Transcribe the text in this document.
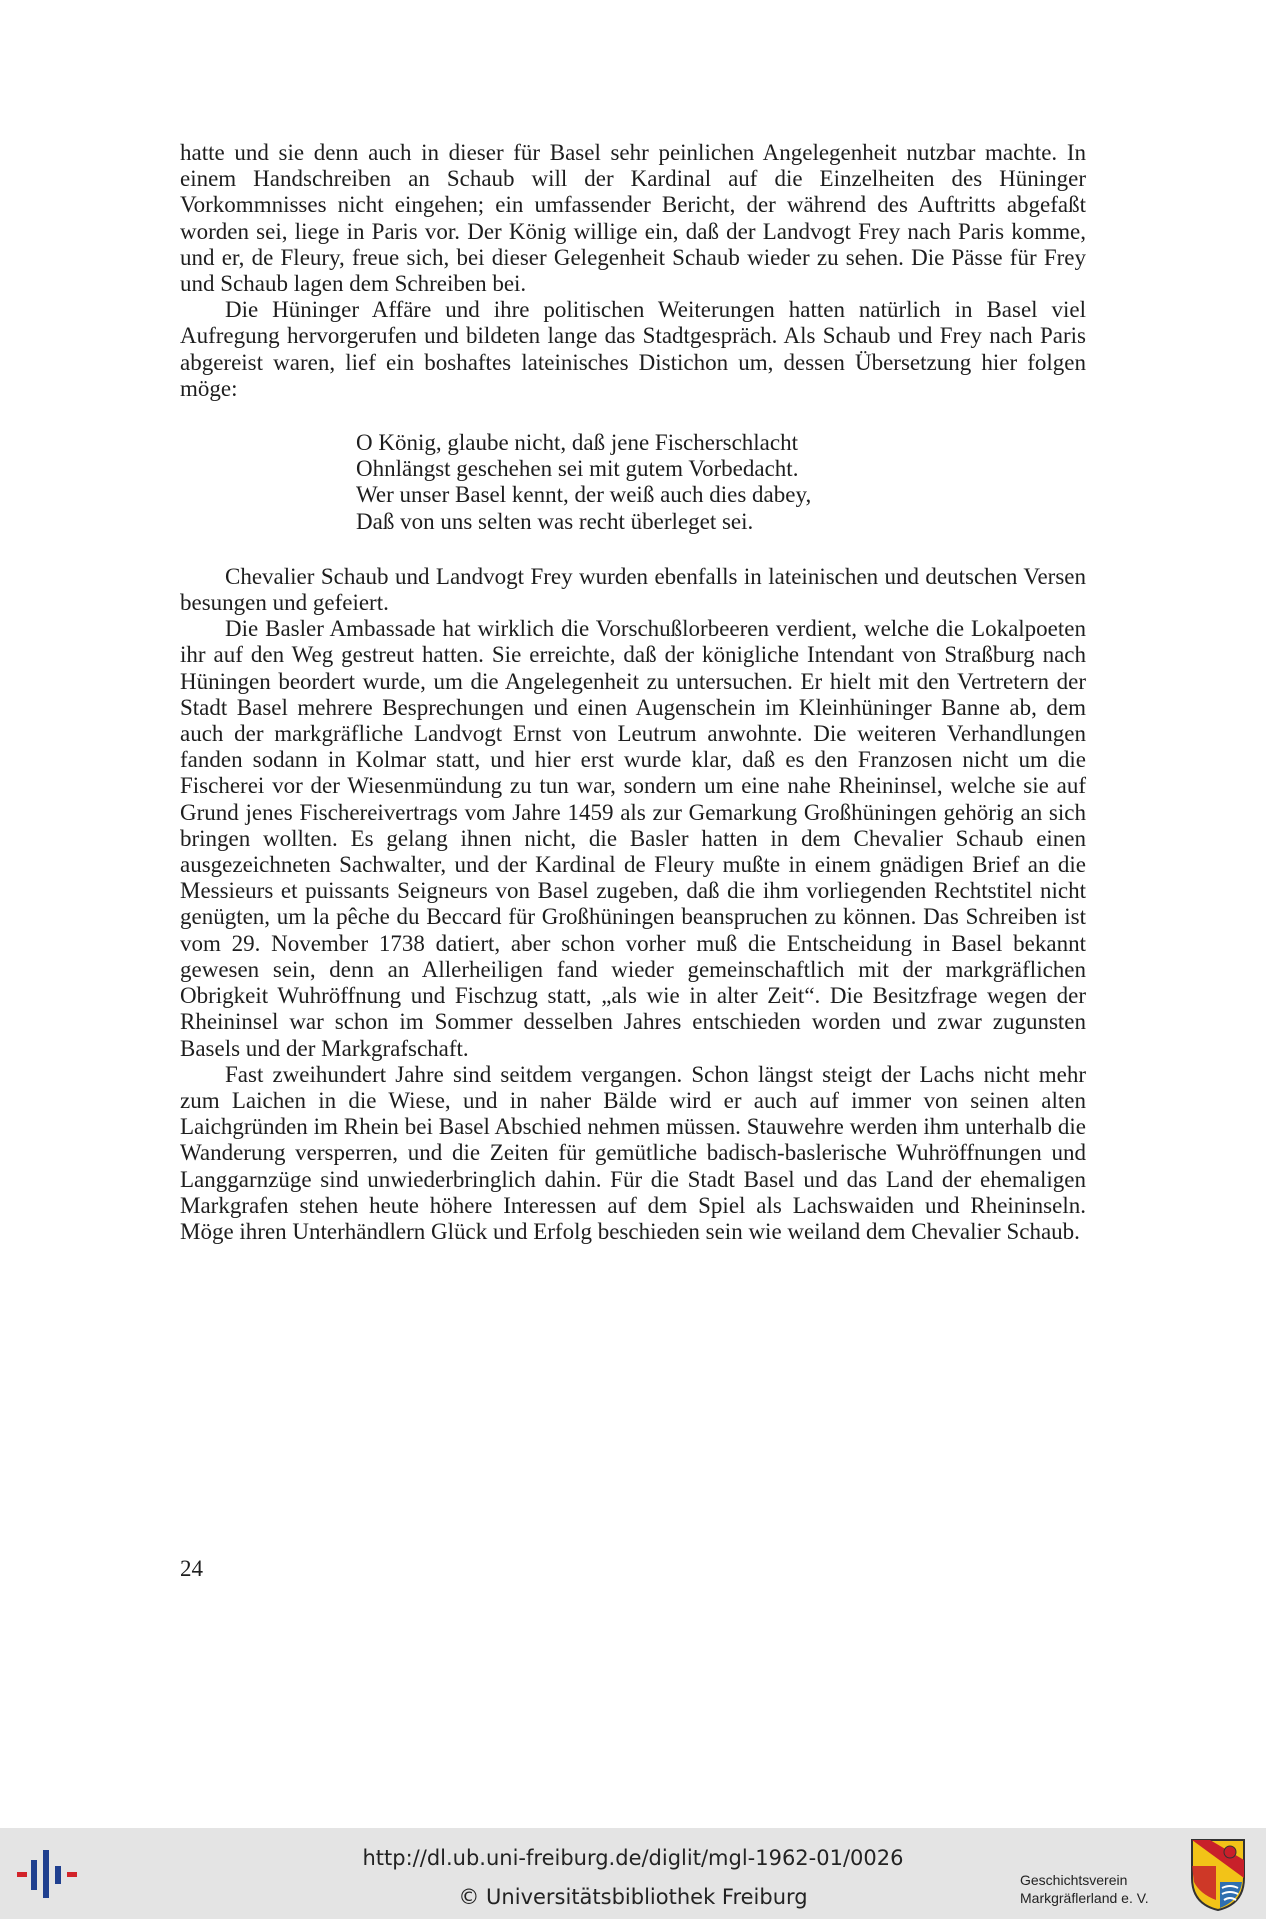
hatte und sie denn auch in dieser für Basel sehr peinlichen Angelegenheit nutzbar machte. In einem Handschreiben an Schaub will der Kardinal auf die Einzelheiten des Hüninger Vorkommnisses nicht eingehen; ein umfassender Bericht, der während des Auftritts abgefaßt worden sei, liege in Paris vor. Der König willige ein, daß der Landvogt Frey nach Paris komme, und er, de Fleury, freue sich, bei dieser Gelegenheit Schaub wieder zu sehen. Die Pässe für Frey und Schaub lagen dem Schreiben bei.

Die Hüninger Affäre und ihre politischen Weiterungen hatten natürlich in Basel viel Aufregung hervorgerufen und bildeten lange das Stadtgespräch. Als Schaub und Frey nach Paris abgereist waren, lief ein boshaftes lateinisches Distichon um, dessen Übersetzung hier folgen möge:

O König, glaube nicht, daß jene Fischerschlacht
Ohnlängst geschehen sei mit gutem Vorbedacht.
Wer unser Basel kennt, der weiß auch dies dabey,
Daß von uns selten was recht überleget sei.

Chevalier Schaub und Landvogt Frey wurden ebenfalls in lateinischen und deutschen Versen besungen und gefeiert.

Die Basler Ambassade hat wirklich die Vorschußlorbeeren verdient, welche die Lokalpoeten ihr auf den Weg gestreut hatten. Sie erreichte, daß der königliche Intendant von Straßburg nach Hüningen beordert wurde, um die Angelegenheit zu untersuchen. Er hielt mit den Vertretern der Stadt Basel mehrere Besprechungen und einen Augenschein im Kleinhüninger Banne ab, dem auch der markgräfliche Landvogt Ernst von Leutrum anwohnte. Die weiteren Verhandlungen fanden sodann in Kolmar statt, und hier erst wurde klar, daß es den Franzosen nicht um die Fischerei vor der Wiesenmündung zu tun war, sondern um eine nahe Rheininsel, welche sie auf Grund jenes Fischereivertrags vom Jahre 1459 als zur Gemarkung Großhüningen gehörig an sich bringen wollten. Es gelang ihnen nicht, die Basler hatten in dem Chevalier Schaub einen ausgezeichneten Sachwalter, und der Kardinal de Fleury mußte in einem gnädigen Brief an die Messieurs et puissants Seigneurs von Basel zugeben, daß die ihm vorliegenden Rechtstitel nicht genügten, um la pêche du Beccard für Großhüningen beanspruchen zu können. Das Schreiben ist vom 29. November 1738 datiert, aber schon vorher muß die Entscheidung in Basel bekannt gewesen sein, denn an Allerheiligen fand wieder gemeinschaftlich mit der markgräflichen Obrigkeit Wuhröffnung und Fischzug statt, „als wie in alter Zeit“. Die Besitzfrage wegen der Rheininsel war schon im Sommer desselben Jahres entschieden worden und zwar zugunsten Basels und der Markgrafschaft.

Fast zweihundert Jahre sind seitdem vergangen. Schon längst steigt der Lachs nicht mehr zum Laichen in die Wiese, und in naher Bälde wird er auch auf immer von seinen alten Laichgründen im Rhein bei Basel Abschied nehmen müssen. Stauwehre werden ihm unterhalb die Wanderung versperren, und die Zeiten für gemütliche badisch-baslerische Wuhröffnungen und Langgarnzüge sind unwiederbringlich dahin. Für die Stadt Basel und das Land der ehemaligen Markgrafen stehen heute höhere Interessen auf dem Spiel als Lachswaiden und Rheininseln. Möge ihren Unterhändlern Glück und Erfolg beschieden sein wie weiland dem Chevalier Schaub.

24
http://dl.ub.uni-freiburg.de/diglit/mgl-1962-01/0026
© Universitätsbibliothek Freiburg
Geschichtsverein
Markgräflerland e. V.
